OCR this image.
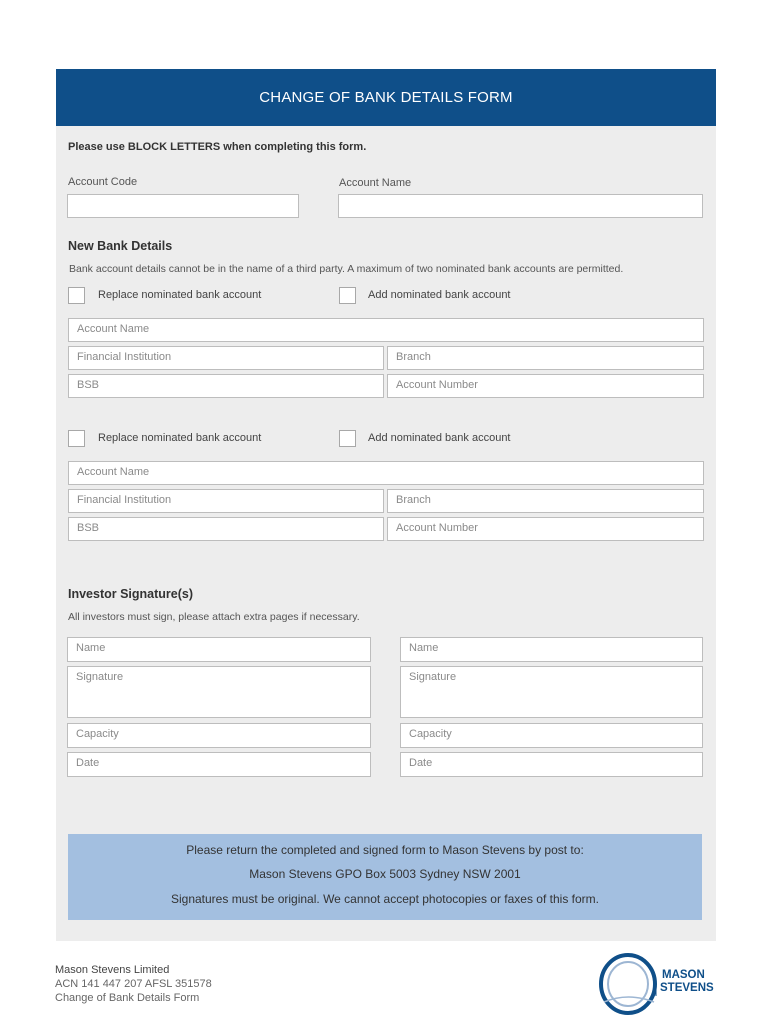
CHANGE OF BANK DETAILS FORM
Please use BLOCK LETTERS when completing this form.
Account Code	Account Name
New Bank Details
Bank account details cannot be in the name of a third party. A maximum of two nominated bank accounts are permitted.
Replace nominated bank account	Add nominated bank account
Account Name
Financial Institution	Branch
BSB	Account Number
Replace nominated bank account	Add nominated bank account
Account Name
Financial Institution	Branch
BSB	Account Number
Investor Signature(s)
All investors must sign, please attach extra pages if necessary.
Name
Signature
Capacity
Date
Name
Signature
Capacity
Date
Please return the completed and signed form to Mason Stevens by post to:
Mason Stevens GPO Box 5003 Sydney NSW 2001
Signatures must be original. We cannot accept photocopies or faxes of this form.
Mason Stevens Limited
ACN 141 447 207 AFSL 351578
Change of Bank Details Form
MASON
STEVENS
